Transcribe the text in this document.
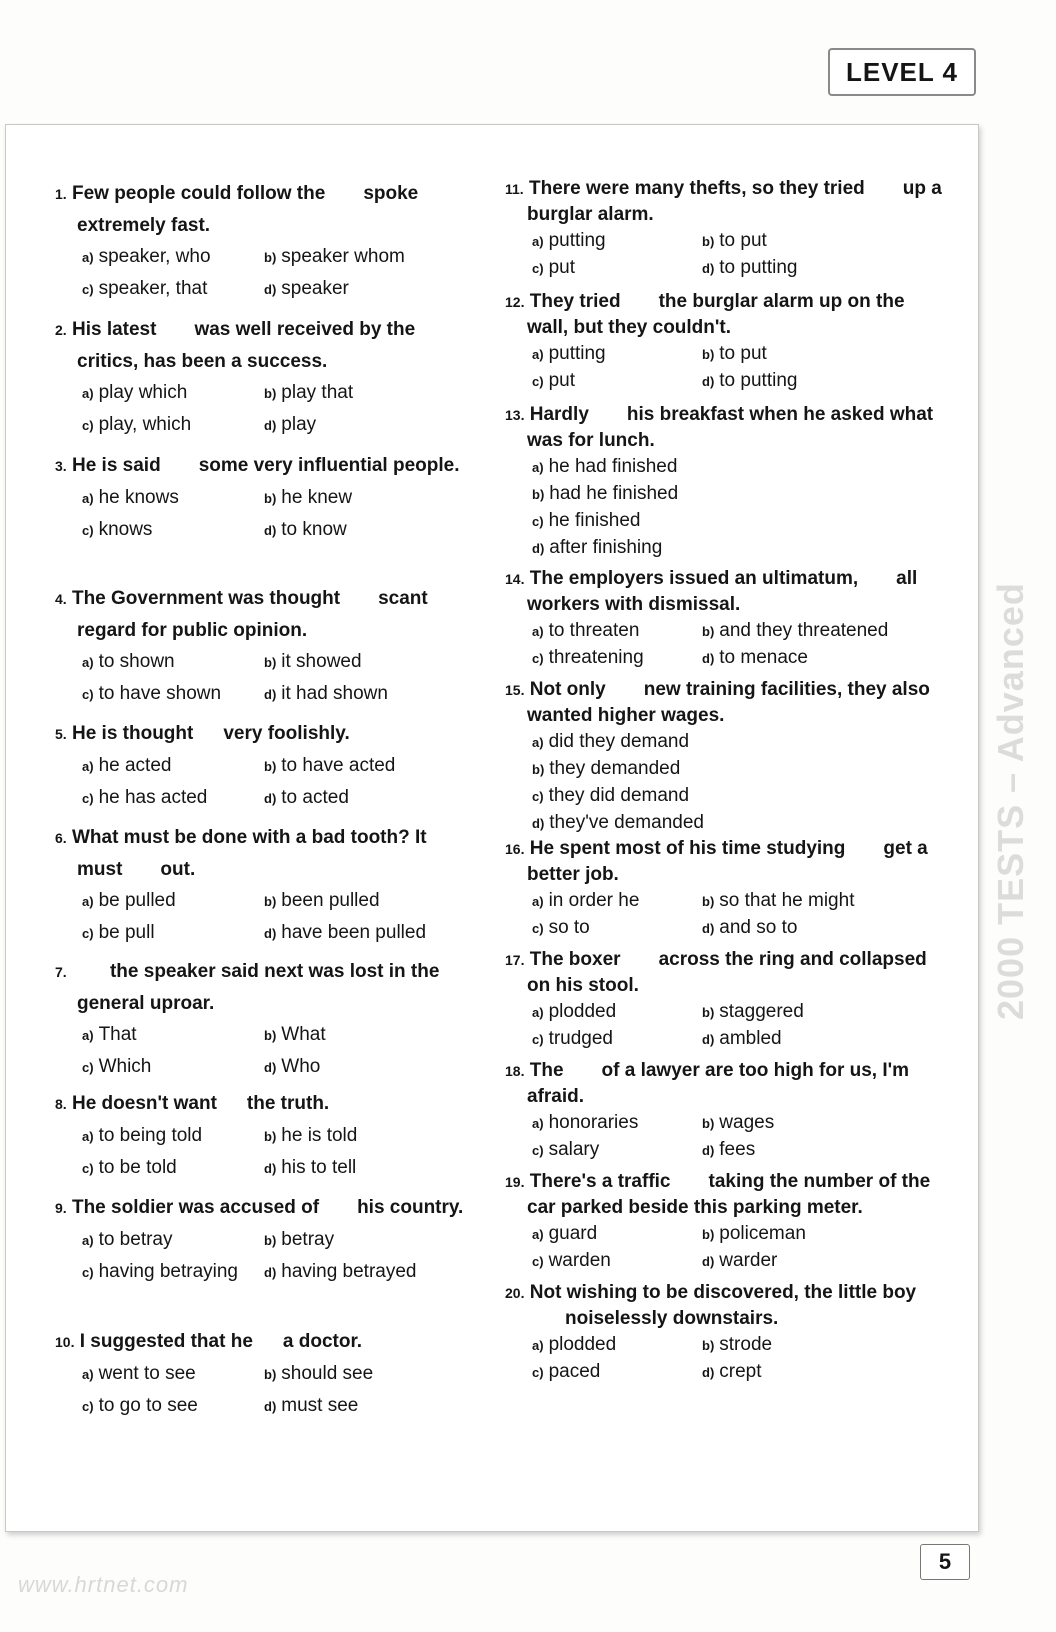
LEVEL 4
2000 TESTS – Advanced
1. Few people could follow the spoke extremely fast.
a) speaker, who	b) speaker whom
c) speaker, that	d) speaker
2. His latest was well received by the critics, has been a success.
a) play which	b) play that
c) play, which	d) play
3. He is said some very influential people.
a) he knows	b) he knew
c) knows	d) to know
4. The Government was thought scant regard for public opinion.
a) to shown	b) it showed
c) to have shown	d) it had shown
5. He is thought very foolishly.
a) he acted	b) to have acted
c) he has acted	d) to acted
6. What must be done with a bad tooth? It must out.
a) be pulled	b) been pulled
c) be pull	d) have been pulled
7. the speaker said next was lost in the general uproar.
a) That	b) What
c) Which	d) Who
8. He doesn't want the truth.
a) to being told	b) he is told
c) to be told	d) his to tell
9. The soldier was accused of his country.
a) to betray	b) betray
c) having betraying	d) having betrayed
10. I suggested that he a doctor.
a) went to see	b) should see
c) to go to see	d) must see
11. There were many thefts, so they tried up a burglar alarm.
a) putting	b) to put
c) put	d) to putting
12. They tried the burglar alarm up on the wall, but they couldn't.
a) putting	b) to put
c) put	d) to putting
13. Hardly his breakfast when he asked what was for lunch.
a) he had finished
b) had he finished
c) he finished
d) after finishing
14. The employers issued an ultimatum, all workers with dismissal.
a) to threaten	b) and they threatened
c) threatening	d) to menace
15. Not only new training facilities, they also wanted higher wages.
a) did they demand
b) they demanded
c) they did demand
d) they've demanded
16. He spent most of his time studying get a better job.
a) in order he	b) so that he might
c) so to	d) and so to
17. The boxer across the ring and collapsed on his stool.
a) plodded	b) staggered
c) trudged	d) ambled
18. The of a lawyer are too high for us, I'm afraid.
a) honoraries	b) wages
c) salary	d) fees
19. There's a traffic taking the number of the car parked beside this parking meter.
a) guard	b) policeman
c) warden	d) warder
20. Not wishing to be discovered, the little boynoiselessly downstairs.
a) plodded	b) strode
c) paced	d) crept
5
www.hrtnet.com
